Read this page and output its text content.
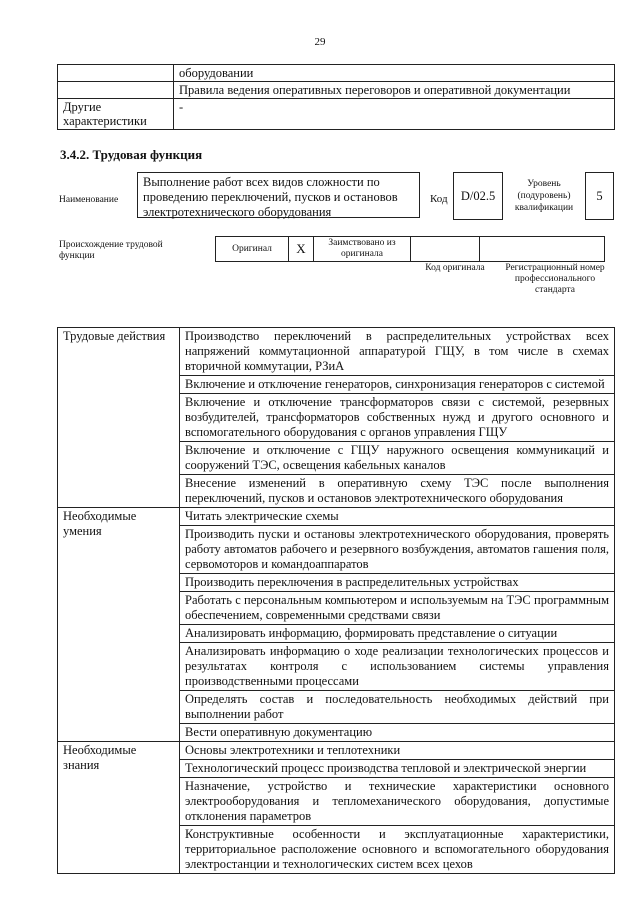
29
	оборудовании
	Правила ведения оперативных переговоров и оперативной документации
Другие характеристики	-
3.4.2. Трудовая функция
Наименование
Выполнение работ всех видов сложности по проведению переключений, пусков и остановов электротехнического оборудования
Код	D/02.5
Уровень (подуровень) квалификации
5
Происхождение трудовой функции
Оригинал	X	Заимствовано из оригинала		
Код оригинала	Регистрационный номер профессионального стандарта
Трудовые действия	Производство переключений в распределительных устройствах всех напряжений коммутационной аппаратурой ГЩУ, в том числе в схемах вторичной коммутации, РЗиА
	Включение и отключение генераторов, синхронизация генераторов с системой
	Включение и отключение трансформаторов связи с системой, резервных возбудителей, трансформаторов собственных нужд и другого основного и вспомогательного оборудования с органов управления ГЩУ
	Включение и отключение с ГЩУ наружного освещения коммуникаций и сооружений ТЭС, освещения кабельных каналов
	Внесение изменений в оперативную схему ТЭС после выполнения переключений, пусков и остановов электротехнического оборудования
Необходимые умения	Читать электрические схемы
	Производить пуски и остановы электротехнического оборудования, проверять работу автоматов рабочего и резервного возбуждения, автоматов гашения поля, сервомоторов и командоаппаратов
	Производить переключения в распределительных устройствах
	Работать с персональным компьютером и используемым на ТЭС программным обеспечением, современными средствами связи
	Анализировать информацию, формировать представление о ситуации
	Анализировать информацию о ходе реализации технологических процессов и результатах контроля с использованием системы управления производственными процессами
	Определять состав и последовательность необходимых действий при выполнении работ
	Вести оперативную документацию
Необходимые знания	Основы электротехники и теплотехники
	Технологический процесс производства тепловой и электрической энергии
	Назначение, устройство и технические характеристики основного электрооборудования и тепломеханического оборудования, допустимые отклонения параметров
	Конструктивные особенности и эксплуатационные характеристики, территориальное расположение основного и вспомогательного оборудования электростанции и технологических систем всех цехов
